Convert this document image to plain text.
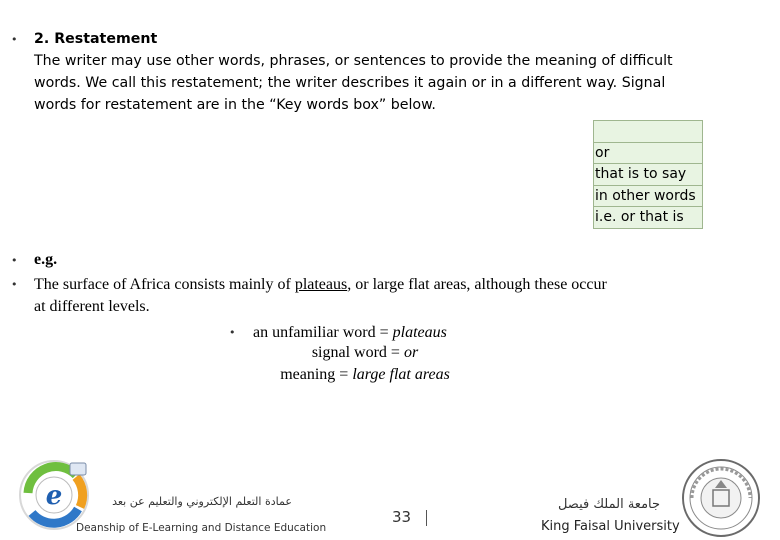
• 2. Restatement
The writer may use other words, phrases, or sentences to provide the meaning of difficult
words. We call this restatement; the writer describes it again or in a different way. Signal
words for restatement are in the “Key words box” below.

or
that is to say
in other words
i.e. or that is
•
•
e.g.
The surface of Africa consists mainly of plateaus, or large flat areas, although these occur
at different levels.
• an unfamiliar word = plateaus
signal word = or
meaning = large flat areas
e	عمادة التعلم الإلكتروني والتعليم عن بعد
Deanship of E-Learning and Distance Education
33
جامعة الملك فيصل
King Faisal University
